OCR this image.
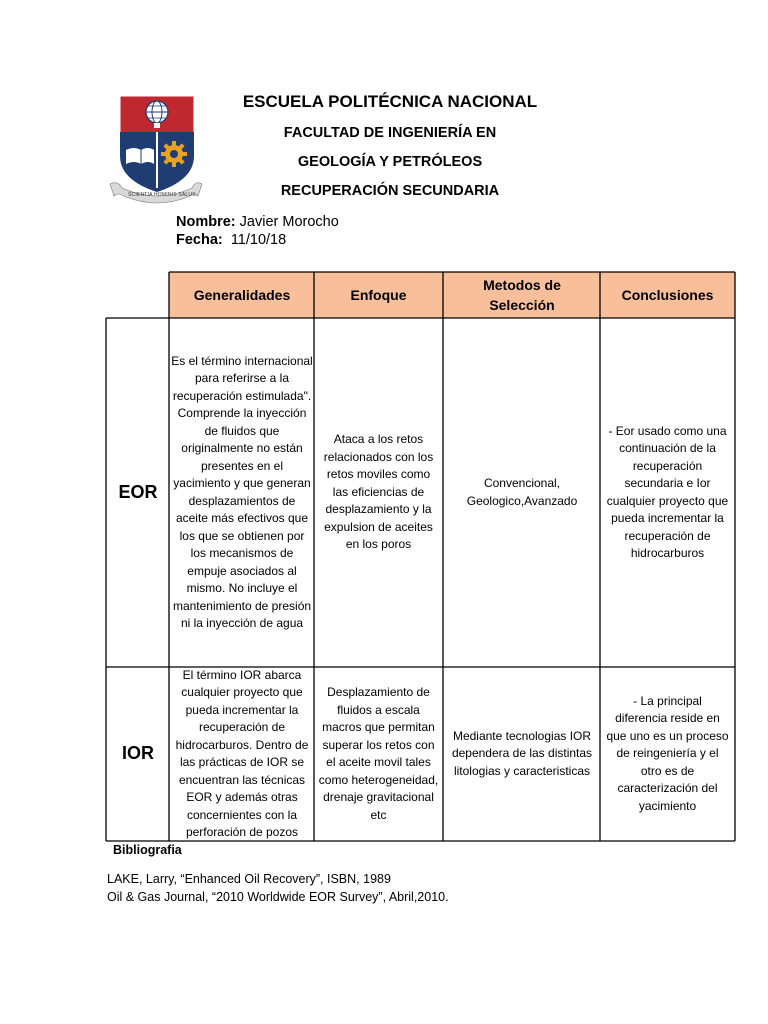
SCIENTIA HOMINIS SALUS
ESCUELA POLITÉCNICA NACIONAL
FACULTAD DE INGENIERÍA EN
GEOLOGÍA Y PETRÓLEOS
RECUPERACIÓN SECUNDARIA
Nombre: Javier Morocho
Fecha: 11/10/18
Generalidades	Enfoque
Metodos de Selección
Conclusiones
EOR
Es el término internacional para referirse a la recuperación estimulada". Comprende la inyección de fluidos que originalmente no están presentes en el yacimiento y que generan desplazamientos de aceite más efectivos que los que se obtienen por los mecanismos de empuje asociados al mismo. No incluye el mantenimiento de presión ni la inyección de agua
Ataca a los retos relacionados con los retos moviles como las eficiencias de desplazamiento y la expulsion de aceites en los poros
Convencional, Geologico,Avanzado
- Eor usado como una continuación de la recuperación secundaria e Ior cualquier proyecto que pueda incrementar la recuperación de hidrocarburos
IOR
El término IOR abarca cualquier proyecto que pueda incrementar la recuperación de hidrocarburos. Dentro de las prácticas de IOR se encuentran las técnicas EOR y además otras concernientes con la perforación de pozos
Desplazamiento de fluidos a escala macros que permitan superar los retos con el aceite movil tales como heterogeneidad, drenaje gravitacional etc
Mediante tecnologias IOR dependera de las distintas litologias y caracteristicas
- La principal diferencia reside en que uno es un proceso de reingeniería y el otro es de caracterización del yacimiento
Bibliografia
LAKE, Larry, “Enhanced Oil Recovery”, ISBN, 1989
Oil & Gas Journal, “2010 Worldwide EOR Survey”, Abril,2010.
